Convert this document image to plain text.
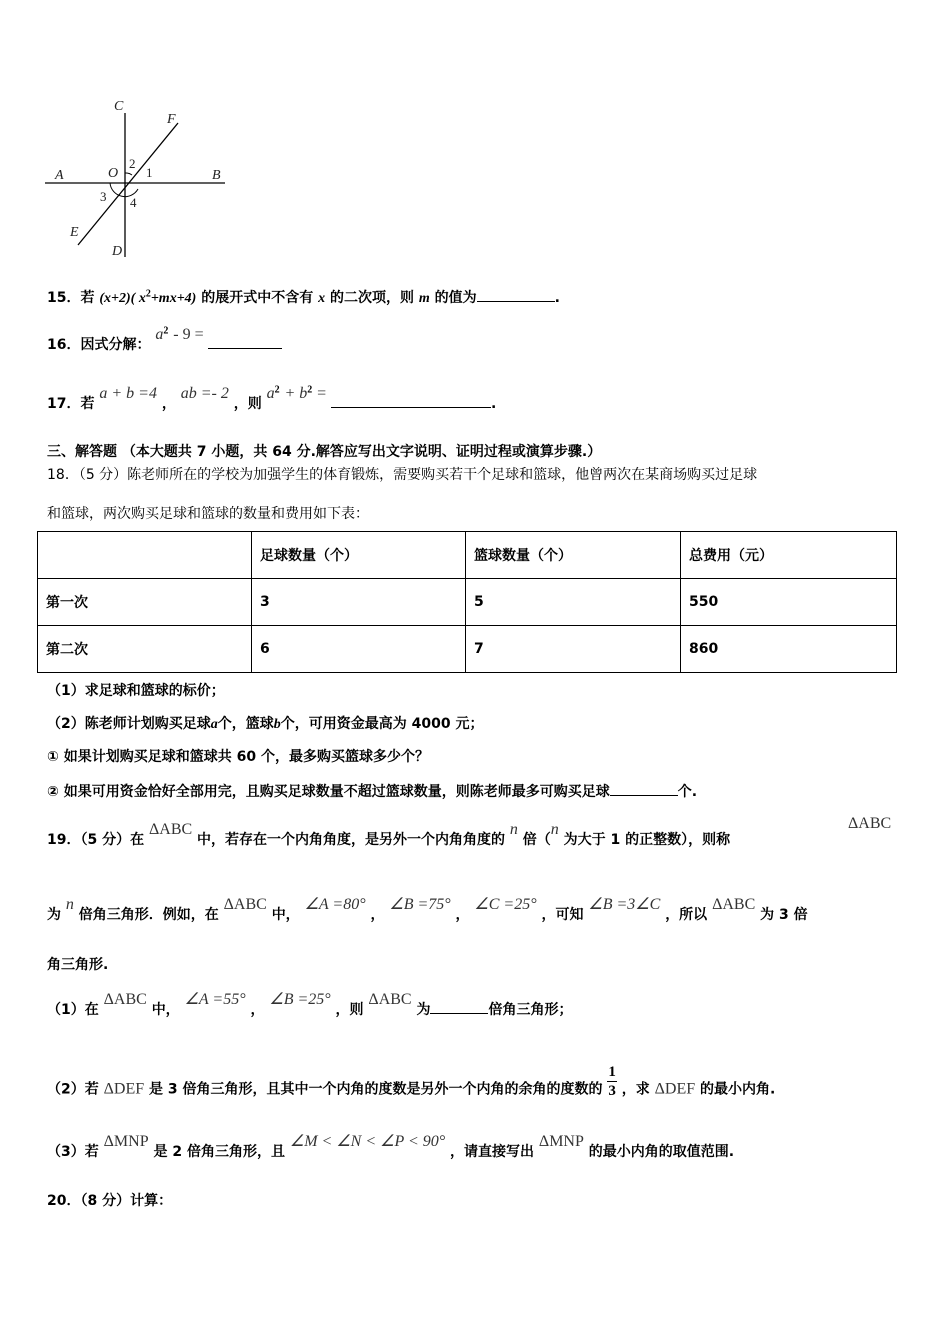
C
F
A	O	B
E
D
2
1
3 4
15．若 (x+2)( $x^2+mx+4$) 的展开式中不含有 x 的二次项，则 m 的值为	.
16．因式分解： $a^2 - 9$ =
17．若 a + b =4 ， ab =- 2 ，则 $a^2 + b^2$ = .
三、解答题 （本大题共 7 小题，共 64 分.解答应写出文字说明、证明过程或演算步骤.）
18．（5 分）陈老师所在的学校为加强学生的体育锻炼，需要购买若干个足球和篮球，他曾两次在某商场购买过足球
和篮球，两次购买足球和篮球的数量和费用如下表：
	足球数量（个）	篮球数量（个）	总费用（元）
第一次	3	5	550
第二次	6	7	860
（1）求足球和篮球的标价；
（2）陈老师计划购买足球a个，篮球b个，可用资金最高为 4000 元；
① 如果计划购买足球和篮球共 60 个，最多购买篮球多少个？
② 如果可用资金恰好全部用完，且购买足球数量不超过篮球数量，则陈老师最多可购买足球	个.
19．（5 分）在 ΔABC 中，若存在一个内角角度，是另外一个内角角度的 n 倍（n 为大于 1 的正整数），则称
ΔABC
为 n 倍角三角形．例如，在 ΔABC 中， ∠A =80° ， ∠B =75° ， ∠C =25° ，可知 ∠B =3∠C ，所以 ΔABC 为 3 倍
角三角形.
（1）在 ΔABC 中， ∠A =55° ， ∠B =25° ，则 ΔABC 为	倍角三角形；
（2）若 ΔDEF 是 3 倍角三角形，且其中一个内角的度数是另外一个内角的余角的度数的 $\frac{1}{3}$ ，求 ΔDEF 的最小内角.
（3）若 ΔMNP 是 2 倍角三角形，且 ∠M < ∠N < ∠P < 90° ，请直接写出 ΔMNP 的最小内角的取值范围.
20．（8 分）计算：
